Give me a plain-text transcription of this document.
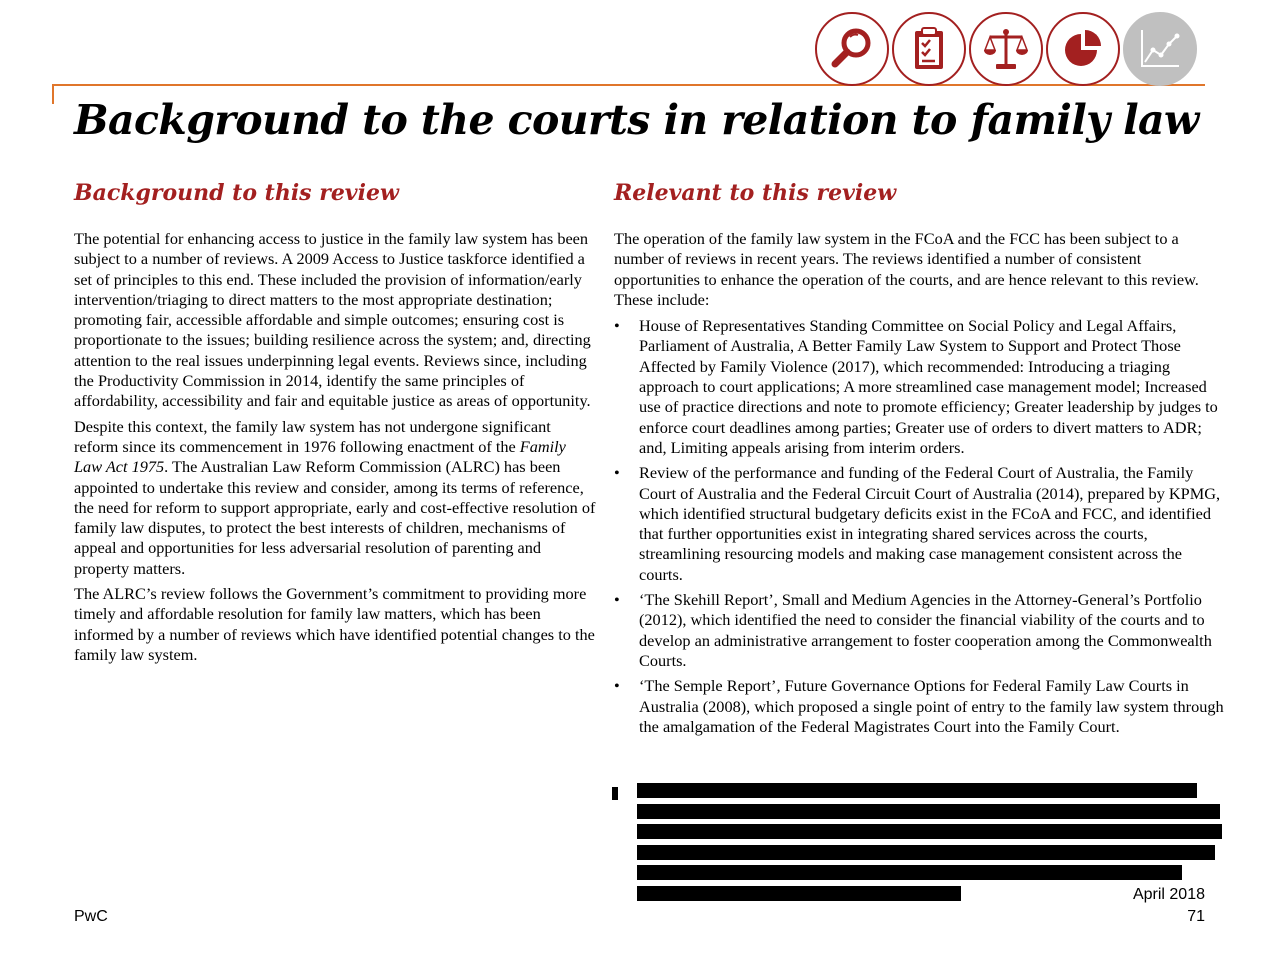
Background to the courts in relation to family law
Background to this review

The potential for enhancing access to justice in the family law system has been subject to a number of reviews. A 2009 Access to Justice taskforce identified a set of principles to this end. These included the provision of information/early intervention/triaging to direct matters to the most appropriate destination; promoting fair, accessible affordable and simple outcomes; ensuring cost is proportionate to the issues; building resilience across the system; and, directing attention to the real issues underpinning legal events. Reviews since, including the Productivity Commission in 2014, identify the same principles of affordability, accessibility and fair and equitable justice as areas of opportunity.

Despite this context, the family law system has not undergone significant reform since its commencement in 1976 following enactment of the Family Law Act 1975. The Australian Law Reform Commission (ALRC) has been appointed to undertake this review and consider, among its terms of reference, the need for reform to support appropriate, early and cost-effective resolution of family law disputes, to protect the best interests of children, mechanisms of appeal and opportunities for less adversarial resolution of parenting and property matters.

The ALRC’s review follows the Government’s commitment to providing more timely and affordable resolution for family law matters, which has been informed by a number of reviews which have identified potential changes to the family law system.

Relevant to this review

The operation of the family law system in the FCoA and the FCC has been subject to a number of reviews in recent years. The reviews identified a number of consistent opportunities to enhance the operation of the courts, and are hence relevant to this review. These include:

• House of Representatives Standing Committee on Social Policy and Legal Affairs, Parliament of Australia, A Better Family Law System to Support and Protect Those Affected by Family Violence (2017), which recommended: Introducing a triaging approach to court applications; A more streamlined case management model; Increased use of practice directions and note to promote efficiency; Greater leadership by judges to enforce court deadlines among parties; Greater use of orders to divert matters to ADR; and, Limiting appeals arising from interim orders.
• Review of the performance and funding of the Federal Court of Australia, the Family Court of Australia and the Federal Circuit Court of Australia (2014), prepared by KPMG, which identified structural budgetary deficits exist in the FCoA and FCC, and identified that further opportunities exist in integrating shared services across the courts, streamlining resourcing models and making case management consistent across the courts.
• ‘The Skehill Report’, Small and Medium Agencies in the Attorney-General’s Portfolio (2012), which identified the need to consider the financial viability of the courts and to develop an administrative arrangement to foster cooperation among the Commonwealth Courts.
• ‘The Semple Report’, Future Governance Options for Federal Family Law Courts in Australia (2008), which proposed a single point of entry to the family law system through the amalgamation of the Federal Magistrates Court into the Family Court.
PwC
April 2018
71
